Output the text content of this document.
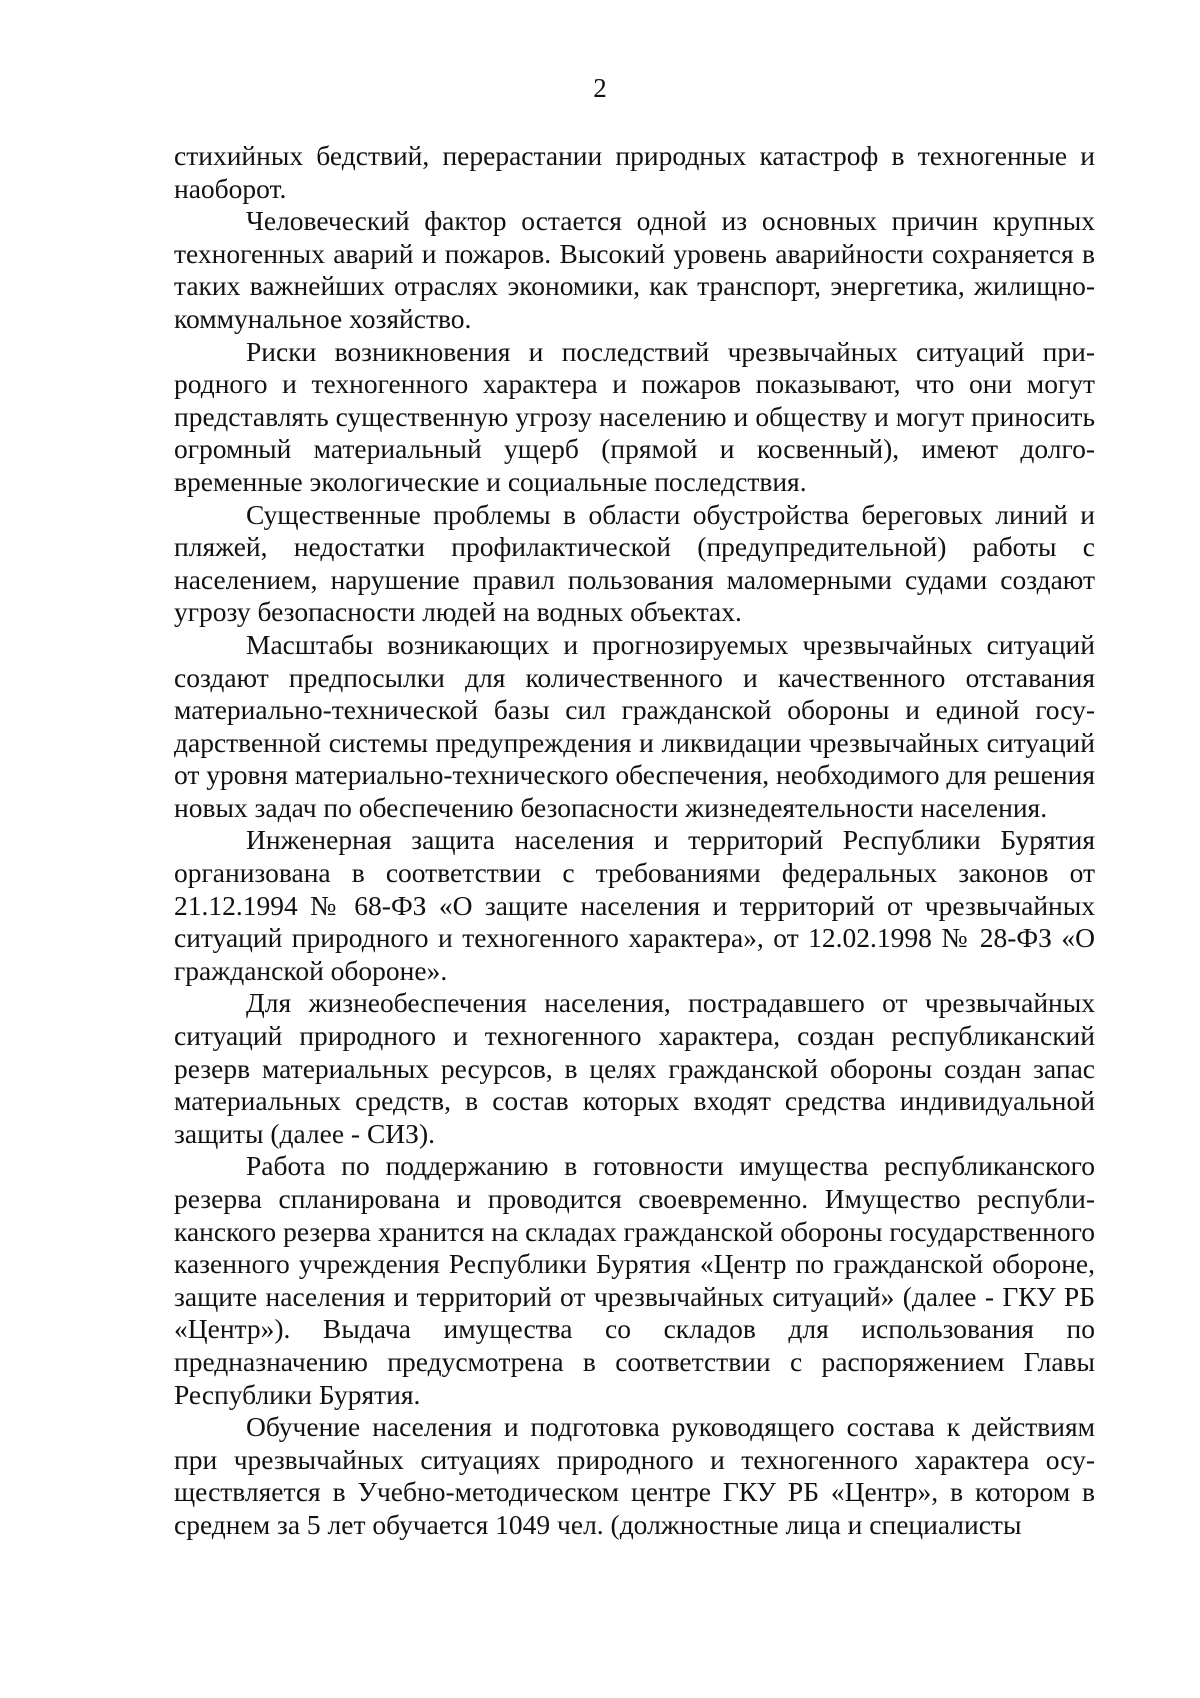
2

стихийных бедствий, перерастании природных катастроф в техногенные и наоборот.

Человеческий фактор остается одной из основных причин крупных техногенных аварий и пожаров. Высокий уровень аварийности сохраняется в таких важнейших отраслях экономики, как транспорт, энергетика, жилищно-коммунальное хозяйство.

Риски возникновения и последствий чрезвычайных ситуаций природного и техногенного характера и пожаров показывают, что они могут представлять существенную угрозу населению и обществу и могут приносить огромный материальный ущерб (прямой и косвенный), имеют долговременные экологические и социальные последствия.

Существенные проблемы в области обустройства береговых линий и пляжей, недостатки профилактической (предупредительной) работы с населением, нарушение правил пользования маломерными судами создают угрозу безопасности людей на водных объектах.

Масштабы возникающих и прогнозируемых чрезвычайных ситуаций создают предпосылки для количественного и качественного отставания материально-технической базы сил гражданской обороны и единой государственной системы предупреждения и ликвидации чрезвычайных ситуаций от уровня материально-технического обеспечения, необходимого для решения новых задач по обеспечению безопасности жизнедеятельности населения.

Инженерная защита населения и территорий Республики Бурятия организована в соответствии с требованиями федеральных законов от 21.12.1994 № 68-ФЗ «О защите населения и территорий от чрезвычайных ситуаций природного и техногенного характера», от 12.02.1998 № 28-ФЗ «О гражданской обороне».

Для жизнеобеспечения населения, пострадавшего от чрезвычайных ситуаций природного и техногенного характера, создан республиканский резерв материальных ресурсов, в целях гражданской обороны создан запас материальных средств, в состав которых входят средства индивидуальной защиты (далее - СИЗ).

Работа по поддержанию в готовности имущества республиканского резерва спланирована и проводится своевременно. Имущество республиканского резерва хранится на складах гражданской обороны государственного казенного учреждения Республики Бурятия «Центр по гражданской обороне, защите населения и территорий от чрезвычайных ситуаций» (далее - ГКУ РБ «Центр»). Выдача имущества со складов для использования по предназначению предусмотрена в соответствии с распоряжением Главы Республики Бурятия.

Обучение населения и подготовка руководящего состава к действиям при чрезвычайных ситуациях природного и техногенного характера осуществляется в Учебно-методическом центре ГКУ РБ «Центр», в котором в среднем за 5 лет обучается 1049 чел. (должностные лица и специалисты
